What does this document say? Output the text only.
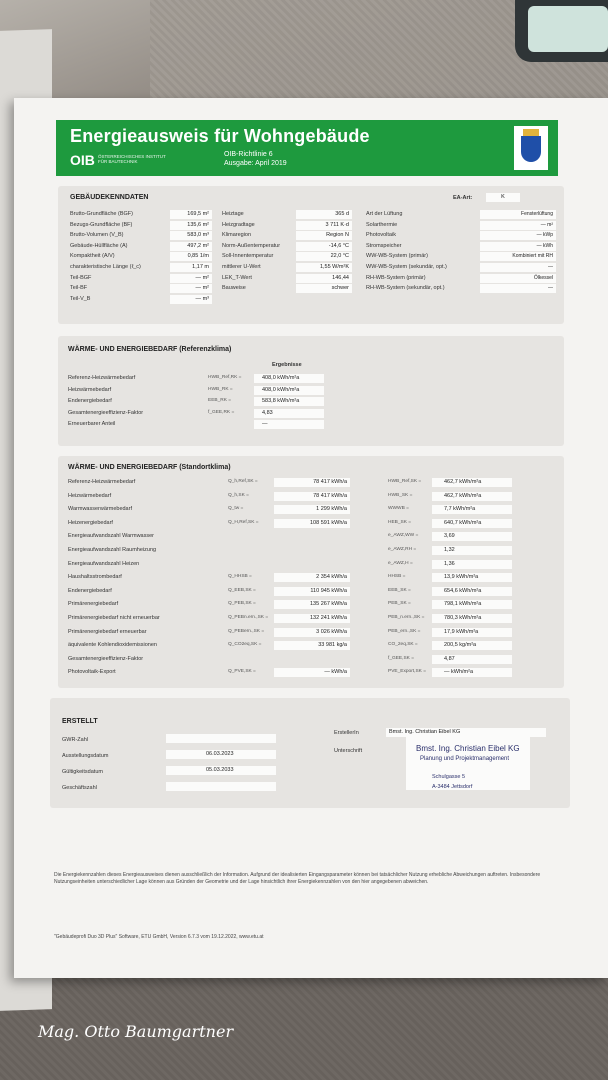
Energieausweis für Wohngebäude
OIB ÖSTERREICHISCHES INSTITUT FÜR BAUTECHNIK
OIB-Richtlinie 6
Ausgabe: April 2019
GEBÄUDEKENNDATEN	EA-Art:	K
Brutto-Grundfläche (BGF)	169,5 m²
Bezugs-Grundfläche (BF)	135,6 m²
Brutto-Volumen (V_B)	583,0 m³
Gebäude-Hüllfläche (A)	497,2 m²
Kompaktheit (A/V)	0,85 1/m
charakteristische Länge (ℓ_c)	1,17 m
Teil-BGF	— m²
Teil-BF	— m²
Teil-V_B	— m³
Heiztage	365 d
Heizgradtage	3 711 K·d
Klimaregion	Region N
Norm-Außentemperatur	-14,6 °C
Soll-Innentemperatur	22,0 °C
mittlerer U-Wert	1,55 W/m²K
LEK_T-Wert	146,44
Bauweise	schwer
Art der Lüftung	Fensterlüftung
Solarthermie	— m²
Photovoltaik	— kWp
Stromspeicher	— kWh
WW-WB-System (primär)	Kombiniert mit RH
WW-WB-System (sekundär, opt.)	—
RH-WB-System (primär)	Ölkessel
RH-WB-System (sekundär, opt.)	—
WÄRME- UND ENERGIEBEDARF (Referenzklima)
Ergebnisse
Referenz-Heizwärmebedarf	HWB_Ref,RK =	408,0 kWh/m²a
Heizwärmebedarf	HWB_RK =	408,0 kWh/m²a
Endenergiebedarf	EEB_RK =	583,8 kWh/m²a
Gesamtenergieeffizienz-Faktor	f_GEE,RK =	4,83
Erneuerbarer Anteil	—
WÄRME- UND ENERGIEBEDARF (Standortklima)
Referenz-Heizwärmebedarf	Q_h,Ref,SK =	78 417 kWh/a	HWB_Ref,SK =	462,7 kWh/m²a
Heizwärmebedarf	Q_h,SK =	78 417 kWh/a	HWB_SK =	462,7 kWh/m²a
Warmwasserwärmebedarf	Q_tw =	1 299 kWh/a	WWWB =	7,7 kWh/m²a
Heizenergiebedarf	Q_H,Ref,SK =	108 591 kWh/a	HEB_SK =	640,7 kWh/m²a
Energieaufwandszahl Warmwasser	e_AWZ,WW =	3,69
Energieaufwandszahl Raumheizung	e_AWZ,RH =	1,32
Energieaufwandszahl Heizen	e_AWZ,H =	1,36
Haushaltsstrombedarf	Q_HHSB =	2 354 kWh/a	HHSB =	13,9 kWh/m²a
Endenergiebedarf	Q_EEB,SK =	110 945 kWh/a	EEB_SK =	654,6 kWh/m²a
Primärenergiebedarf	Q_PEB,SK =	135 267 kWh/a	PEB_SK =	798,1 kWh/m²a
Primärenergiebedarf nicht erneuerbar	Q_PEBn.ern.,SK =	132 241 kWh/a	PEB_n.ern.,SK =	780,3 kWh/m²a
Primärenergiebedarf erneuerbar	Q_PEBern.,SK =	3 026 kWh/a	PEB_ern.,SK =	17,9 kWh/m²a
äquivalente Kohlendioxidemissionen	Q_CO2eq,SK =	33 981 kg/a	CO_2eq,SK =	200,5 kg/m²a
Gesamtenergieeffizienz-Faktor	f_GEE,SK =	4,87
Photovoltaik-Export	Q_PVE,SK =	— kWh/a	PVE_Export,SK =	— kWh/m²a
ERSTELLT
GWR-Zahl
Ausstellungsdatum	06.03.2023
Gültigkeitsdatum	05.03.2033
Geschäftszahl
ErstellerIn	Bmst. Ing. Christian Eibel KG
Unterschrift	Bmst. Ing. Christian Eibel KG
Planung und Projektmanagement
Schulgasse 5
A-3484 Jettsdorf
Die Energiekennzahlen dieses Energieausweises dienen ausschließlich der Information. Aufgrund der idealisierten Eingangsparameter können bei tatsächlicher Nutzung erhebliche Abweichungen auftreten. Insbesondere Nutzungseinheiten unterschiedlicher Lage können aus Gründen der Geometrie und der Lage hinsichtlich ihrer Energiekennzahlen von den hier angegebenen abweichen.
"Gebäudeprofi Duo 3D Plus" Software, ETU GmbH, Version 6.7.3 vom 19.12.2022, www.etu.at
Mag. Otto Baumgartner
